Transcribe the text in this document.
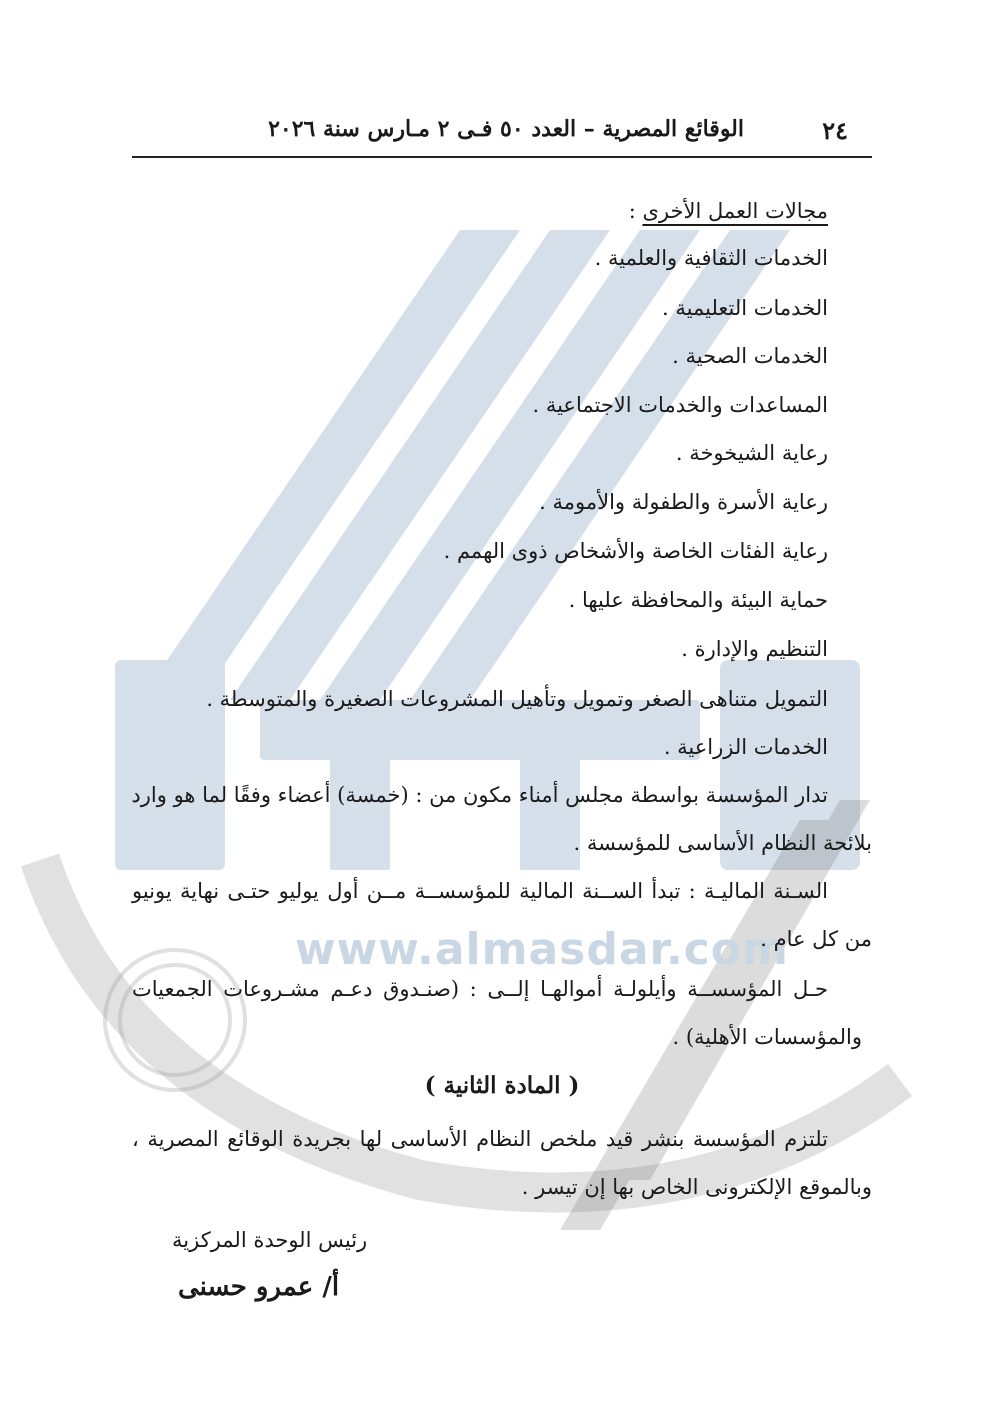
www.almasdar.com
٢٤
الوقائع المصرية – العدد ٥٠ فـى ٢ مـارس سنة ٢٠٢٦
مجالات العمل الأخرى :
الخدمات الثقافية والعلمية .
الخدمات التعليمية .
الخدمات الصحية .
المساعدات والخدمات الاجتماعية .
رعاية الشيخوخة .
رعاية الأسرة والطفولة والأمومة .
رعاية الفئات الخاصة والأشخاص ذوى الهمم .
حماية البيئة والمحافظة عليها .
التنظيم والإدارة .
التمويل متناهى الصغر وتمويل وتأهيل المشروعات الصغيرة والمتوسطة .
الخدمات الزراعية .
تدار المؤسسة بواسطة مجلس أمناء مكون من : (خمسة) أعضاء وفقًا لما هو وارد
بلائحة النظام الأساسى للمؤسسة .
السـنة الماليـة : تبدأ الســنة المالية للمؤسســة مــن أول يوليو حتـى نهاية يونيو
من كل عام .
حـل المؤسســة وأيلولـة أموالهـا إلــى : (صنـدوق دعـم مشـروعات الجمعيات
والمؤسسات الأهلية) .
( المادة الثانية )
تلتزم المؤسسة بنشر قيد ملخص النظام الأساسى لها بجريدة الوقائع المصرية ،
وبالموقع الإلكترونى الخاص بها إن تيسر .
رئيس الوحدة المركزية
أ/ عمرو حسنى
